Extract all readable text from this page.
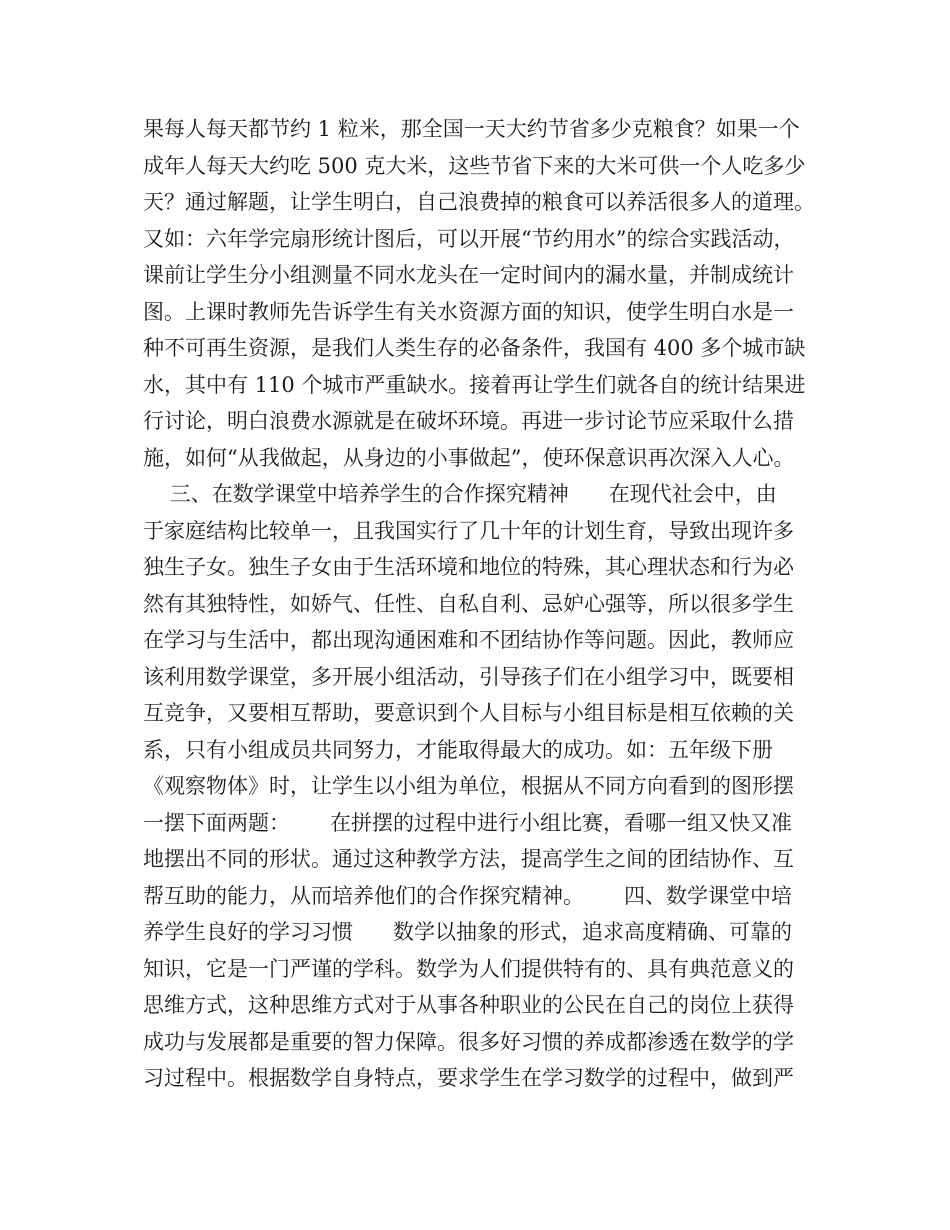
果每人每天都节约 1 粒米，那全国一天大约节省多少克粮食？如果一个
成年人每天大约吃 500 克大米，这些节省下来的大米可供一个人吃多少
天？通过解题，让学生明白，自己浪费掉的粮食可以养活很多人的道理。
又如：六年学完扇形统计图后，可以开展“节约用水”的综合实践活动，
课前让学生分小组测量不同水龙头在一定时间内的漏水量，并制成统计
图。上课时教师先告诉学生有关水资源方面的知识，使学生明白水是一
种不可再生资源，是我们人类生存的必备条件，我国有 400 多个城市缺
水，其中有 110 个城市严重缺水。接着再让学生们就各自的统计结果进
行讨论，明白浪费水源就是在破坏环境。再进一步讨论节应采取什么措
施，如何“从我做起，从身边的小事做起”，使环保意识再次深入人心。
三、在数学课堂中培养学生的合作探究精神      在现代社会中，由
于家庭结构比较单一，且我国实行了几十年的计划生育，导致出现许多
独生子女。独生子女由于生活环境和地位的特殊，其心理状态和行为必
然有其独特性，如娇气、任性、自私自利、忌妒心强等，所以很多学生
在学习与生活中，都出现沟通困难和不团结协作等问题。因此，教师应
该利用数学课堂，多开展小组活动，引导孩子们在小组学习中，既要相
互竞争，又要相互帮助，要意识到个人目标与小组目标是相互依赖的关
系，只有小组成员共同努力，才能取得最大的成功。如：五年级下册
《观察物体》时，让学生以小组为单位，根据从不同方向看到的图形摆
一摆下面两题：      在拼摆的过程中进行小组比赛，看哪一组又快又准
地摆出不同的形状。通过这种教学方法，提高学生之间的团结协作、互
帮互助的能力，从而培养他们的合作探究精神。      四、数学课堂中培
养学生良好的学习习惯      数学以抽象的形式，追求高度精确、可靠的
知识，它是一门严谨的学科。数学为人们提供特有的、具有典范意义的
思维方式，这种思维方式对于从事各种职业的公民在自己的岗位上获得
成功与发展都是重要的智力保障。很多好习惯的养成都渗透在数学的学
习过程中。根据数学自身特点，要求学生在学习数学的过程中，做到严
